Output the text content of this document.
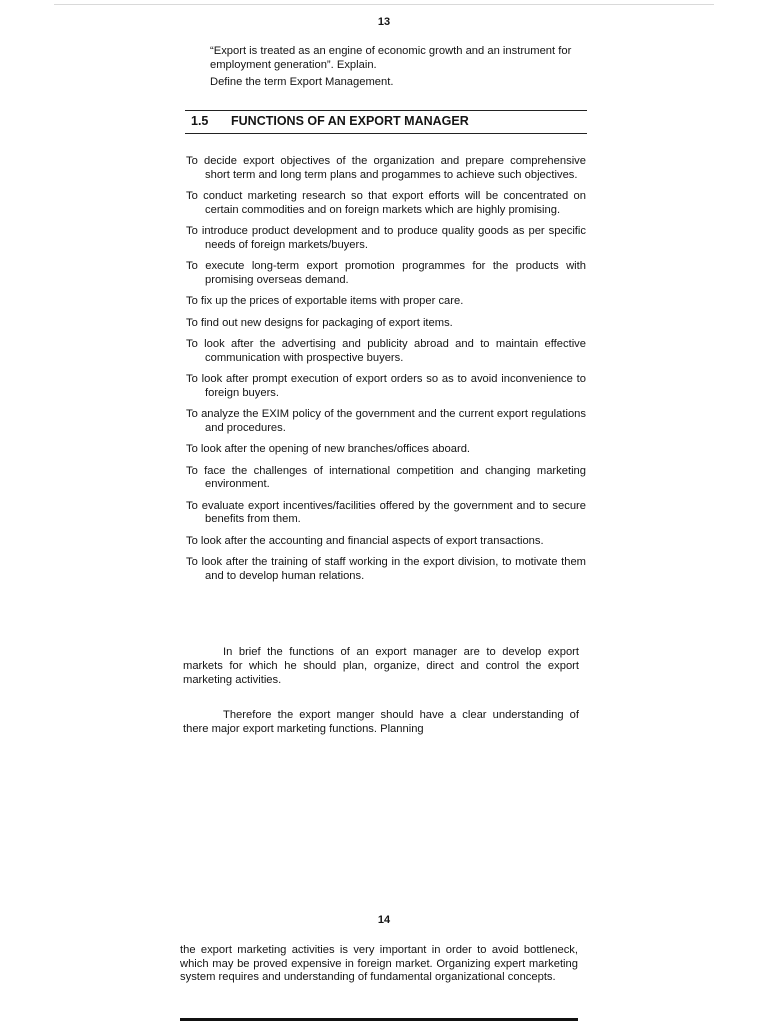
13

“Export is treated as an engine of economic growth and an instrument for employment generation”. Explain.

Define the term Export Management.

1.5 FUNCTIONS OF AN EXPORT MANAGER
To decide export objectives of the organization and prepare comprehensive short term and long term plans and progammes to achieve such objectives.
To conduct marketing research so that export efforts will be concentrated on certain commodities and on foreign markets which are highly promising.
To introduce product development and to produce quality goods as per specific needs of foreign markets/buyers.
To execute long-term export promotion programmes for the products with promising overseas demand.
To fix up the prices of exportable items with proper care.
To find out new designs for packaging of export items.
To look after the advertising and publicity abroad and to maintain effective communication with prospective buyers.
To look after prompt execution of export orders so as to avoid inconvenience to foreign buyers.
To analyze the EXIM policy of the government and the current export regulations and procedures.
To look after the opening of new branches/offices aboard.
To face the challenges of international competition and changing marketing environment.
To evaluate export incentives/facilities offered by the government and to secure benefits from them.
To look after the accounting and financial aspects of export transactions.
To look after the training of staff working in the export division, to motivate them and to develop human relations.

In brief the functions of an export manager are to develop export markets for which he should plan, organize, direct and control the export marketing activities.

Therefore the export manger should have a clear understanding of there major export marketing functions. Planning

14

the export marketing activities is very important in order to avoid bottleneck, which may be proved expensive in foreign market. Organizing expert marketing system requires and understanding of fundamental organizational concepts.
